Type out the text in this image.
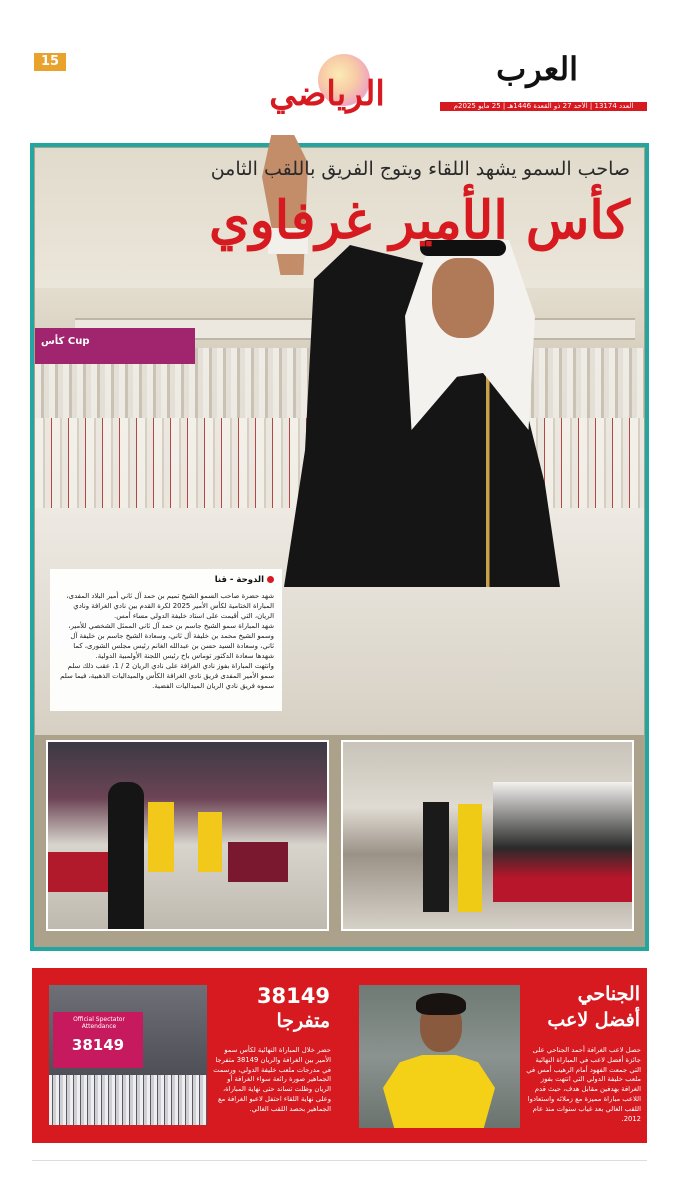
15	العرب
الرياضي	العدد 13174 | الأحد 27 ذو القعدة 1446هـ | 25 مايو 2025م
كأس Cup
صاحب السمو يشهد اللقاء ويتوج الفريق باللقب الثامن
كأس الأمير غرفاوي
الدوحة - قنا

شهد حضرة صاحب السمو الشيخ تميم بن حمد آل ثاني أمير البلاد المفدى، المباراة الختامية لكأس الأمير 2025 لكرة القدم بين نادي الغرافة ونادي الريان، التي أقيمت على استاد خليفة الدولي مساء أمس.

شهد المباراة سمو الشيخ جاسم بن حمد آل ثاني الممثل الشخصي للأمير، وسمو الشيخ محمد بن خليفة آل ثاني، وسعادة الشيخ جاسم بن خليفة آل ثاني، وسعادة السيد حسن بن عبدالله الغانم رئيس مجلس الشورى، كما شهدها سعادة الدكتور توماس باخ رئيس اللجنة الأولمبية الدولية.

وانتهت المباراة بفوز نادي الغرافة على نادي الريان 2 / 1، عقب ذلك سلم سمو الأمير المفدى فريق نادي الغرافة الكأس والميداليات الذهبية، فيما سلم سموه فريق نادي الريان الميداليات الفضية.

Official Spectator Attendance
38149
38149
متفرجا
حضر خلال المباراة النهائية لكأس سمو الأمير بين الغرافة والريان 38149 متفرجا في مدرجات ملعب خليفة الدولي، ورسمت الجماهير صورة رائعة سواء الغرافة أو الريان وظلت تساند حتى نهاية المباراة، وعلى نهاية اللقاء احتفل لاعبو الغرافة مع الجماهير بحصد اللقب الغالي.
الجناحي
أفضل لاعب
حصل لاعب الغرافة أحمد الجناحي على جائزة أفضل لاعب في المباراة النهائية التي جمعت الفهود أمام الرهيب أمس في ملعب خليفة الدولي التي انتهت بفوز الغرافة بهدفين مقابل هدف، حيث قدم اللاعب مباراة مميزة مع زملائه واستعادوا اللقب الغالي بعد غياب سنوات منذ عام 2012.
